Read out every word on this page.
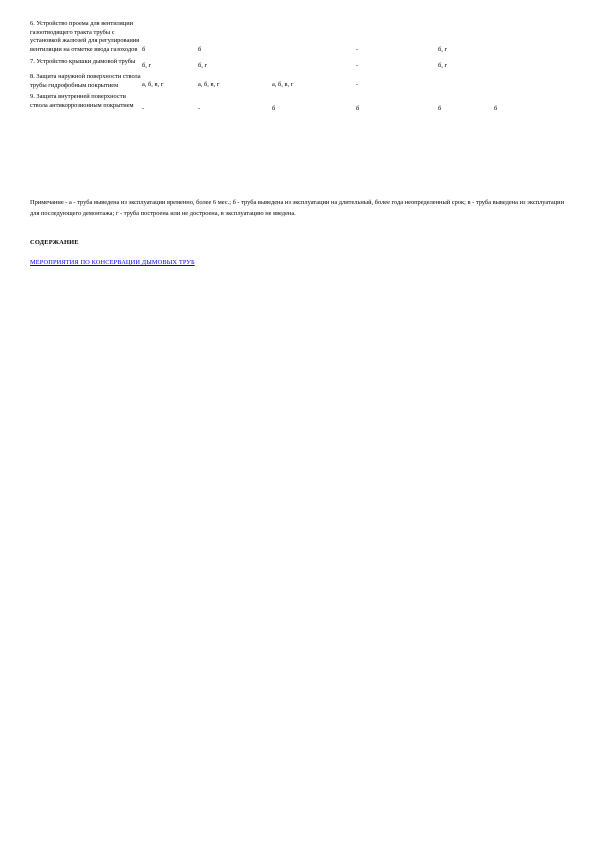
6. Устройство проема для вентиляции газоотводящего тракта трубы с установкой жалюзей для регулирования вентиляции на отметке ввода газоходов	б	б		-	б, г	
7. Устройство крышки дымовой трубы	б, г	б, г		-	б, г	
8. Защита наружной поверхности ствола трубы гидрофобным покрытием	а, б, в, г	а, б, в, г	а, б, в, г	-		
9. Защита внутренней поверхности ствола антикоррозионным покрытием	-	-	б	б	б	б
Примечание - а - труба выведена из эксплуатации временно, более 6 мес.; б - труба выведена из эксплуатации на длительный, более года неопределенный срок; в - труба выведена из эксплуатации для последующего демонтажа; г - труба построена или не достроена, в эксплуатацию не введена.
СОДЕРЖАНИЕ
МЕРОПРИЯТИЯ ПО КОНСЕРВАЦИИ ДЫМОВЫХ ТРУБ
